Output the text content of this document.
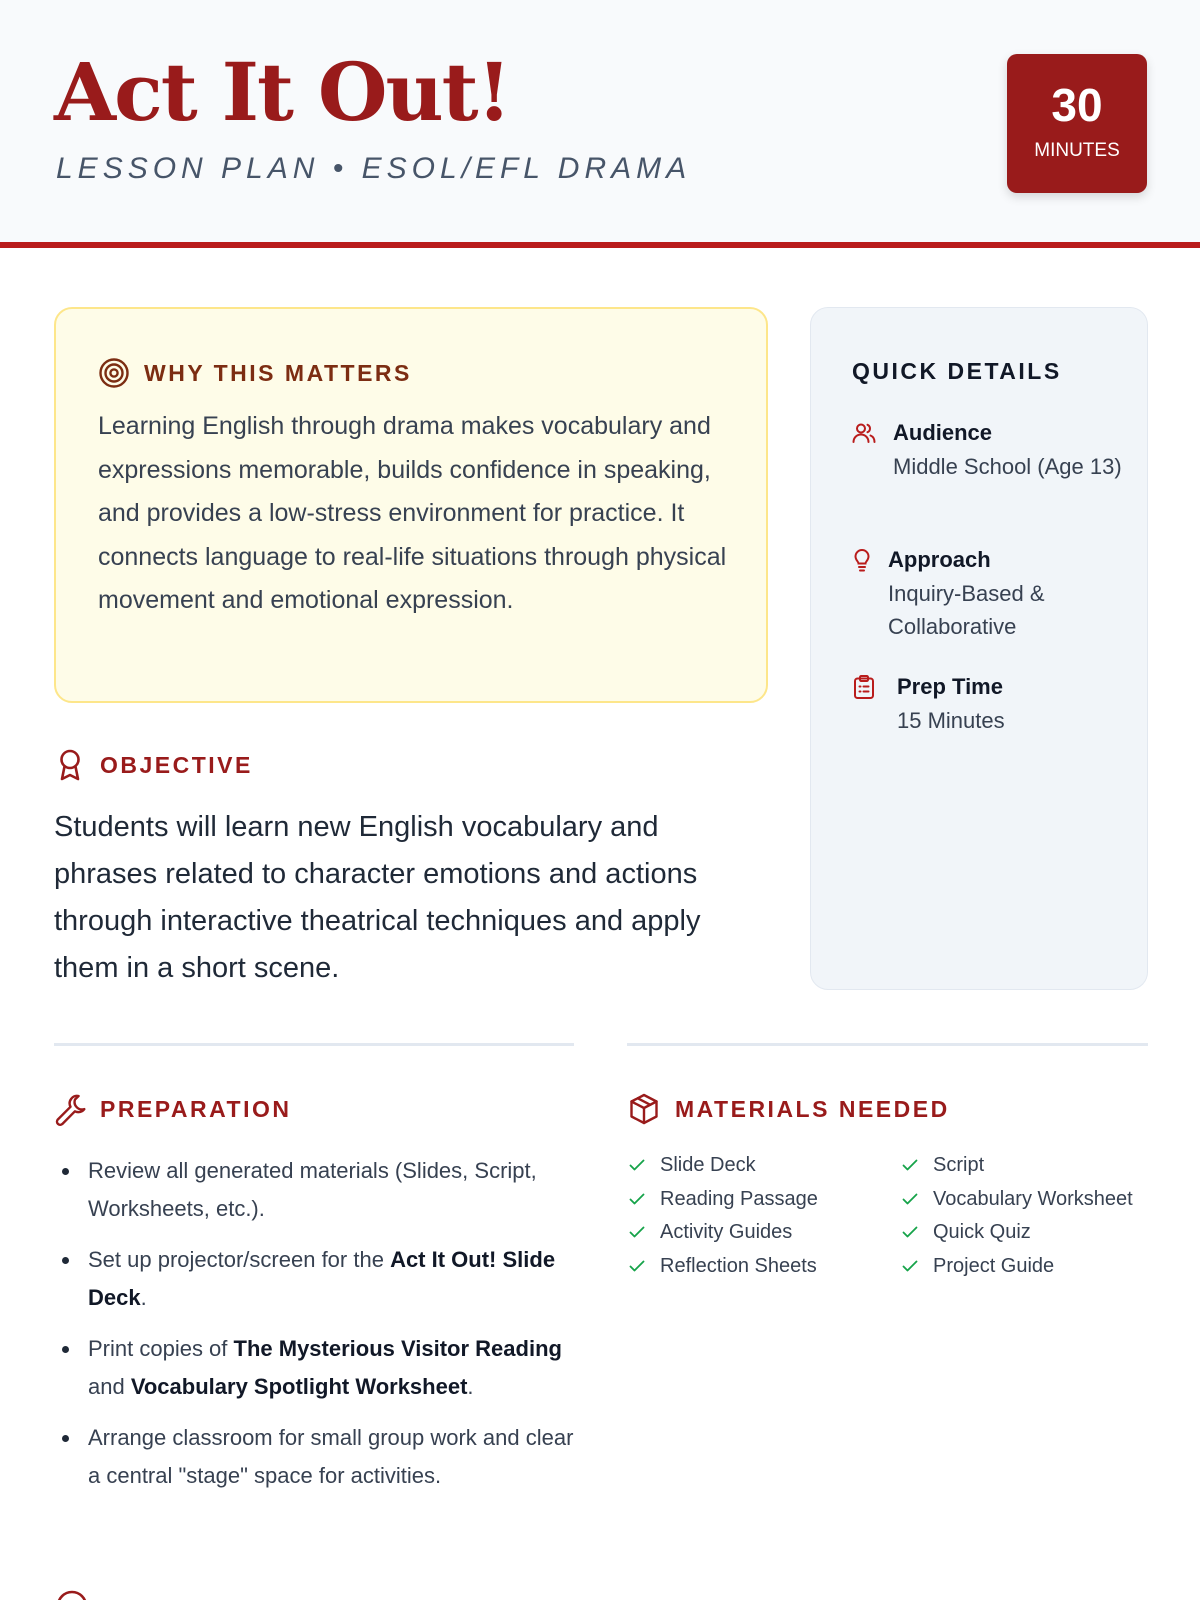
Act It Out!
LESSON PLAN • ESOL/EFL DRAMA
30
MINUTES
WHY THIS MATTERS

Learning English through drama makes vocabulary and expressions memorable, builds confidence in speaking, and provides a low-stress environment for practice. It connects language to real-life situations through physical movement and emotional expression.

QUICK DETAILS
Audience
Middle School (Age 13)
Approach
Inquiry-Based & Collaborative
Prep Time
15 Minutes
OBJECTIVE

Students will learn new English vocabulary and phrases related to character emotions and actions through interactive theatrical techniques and apply them in a short scene.

PREPARATION
Review all generated materials (Slides, Script, Worksheets, etc.).
Set up projector/screen for the Act It Out! Slide Deck.
Print copies of The Mysterious Visitor Reading and Vocabulary Spotlight Worksheet.
Arrange classroom for small group work and clear a central "stage" space for activities.
MATERIALS NEEDED
Slide Deck	Script
Reading Passage	Vocabulary Worksheet
Activity Guides	Quick Quiz
Reflection Sheets	Project Guide
